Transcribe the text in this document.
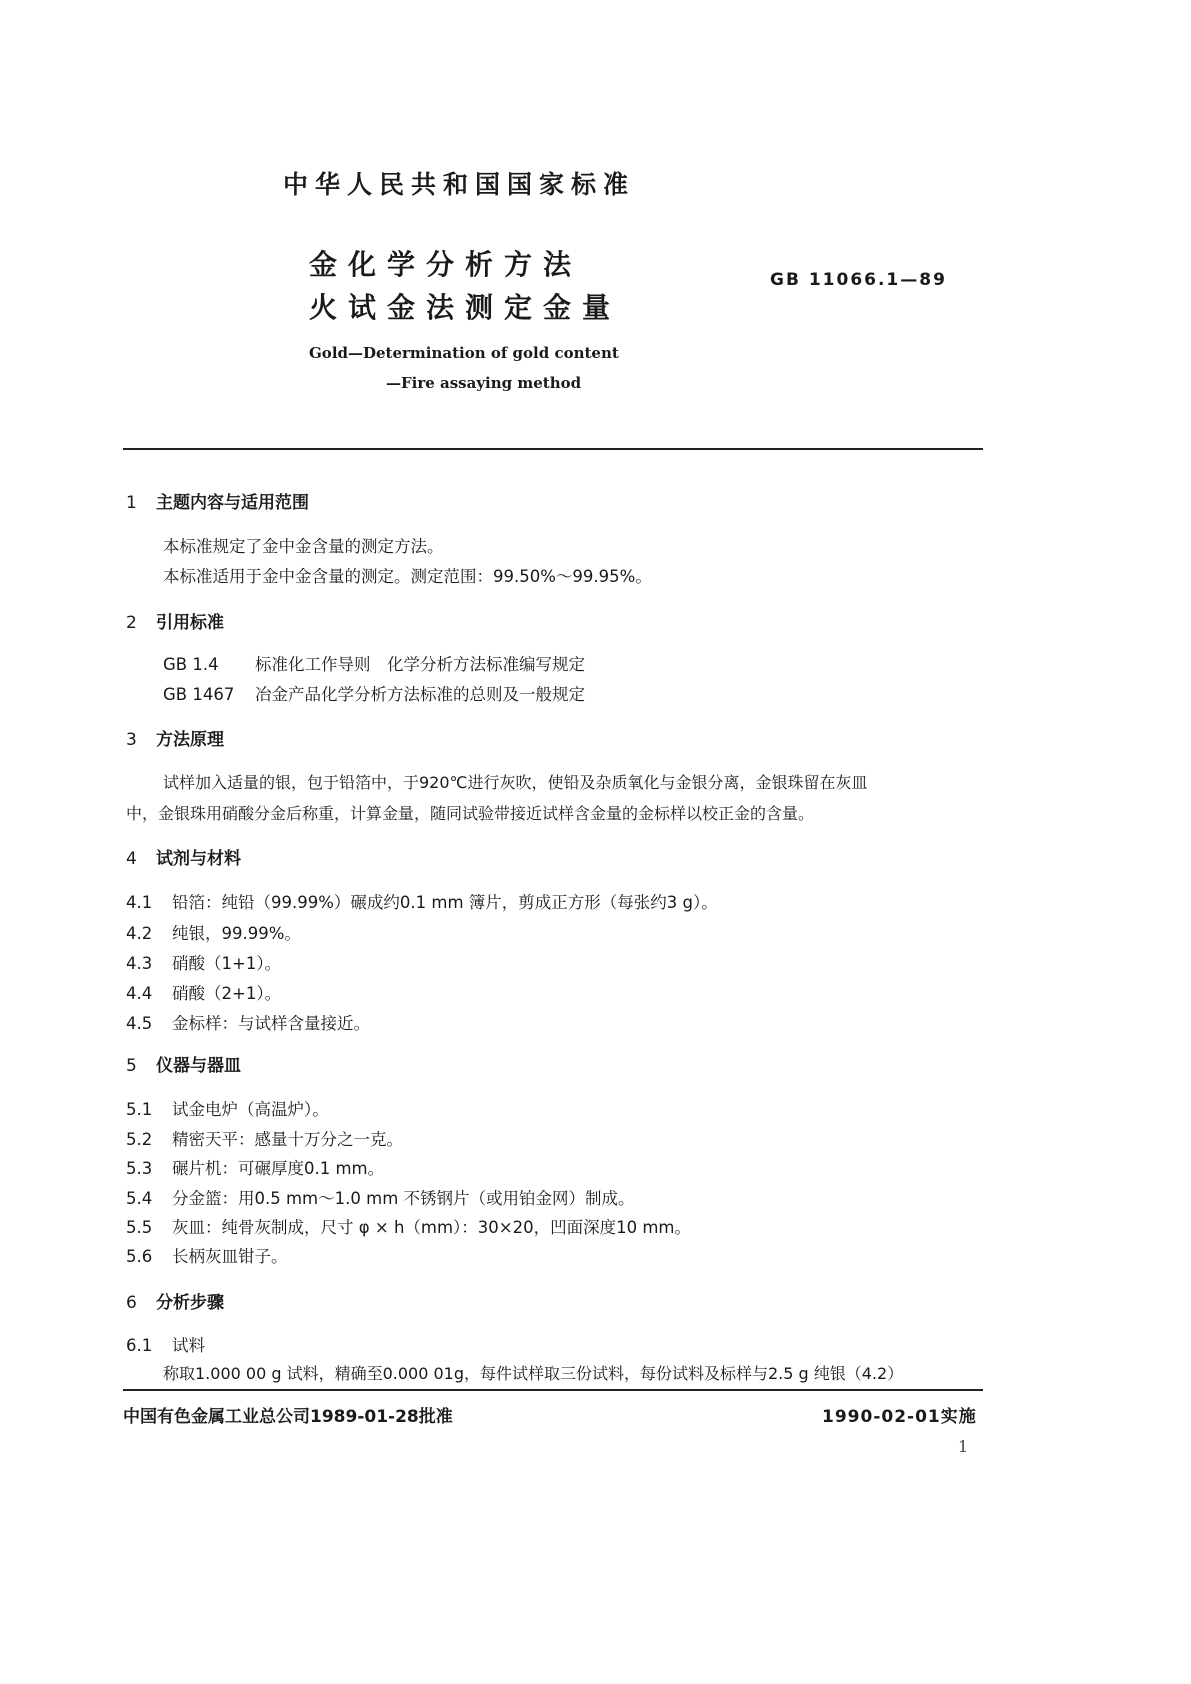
中华人民共和国国家标准
金化学分析方法
火试金法测定金量
GB 11066.1—89
Gold—Determination of gold content
—Fire assaying method
1 主题内容与适用范围
本标准规定了金中金含量的测定方法。
本标准适用于金中金含量的测定。测定范围：99.50%～99.95%。
2 引用标准
GB 1.4 标准化工作导则　化学分析方法标准编写规定
GB 1467 冶金产品化学分析方法标准的总则及一般规定
3 方法原理
试样加入适量的银，包于铅箔中，于920℃进行灰吹，使铅及杂质氧化与金银分离，金银珠留在灰皿
中，金银珠用硝酸分金后称重，计算金量，随同试验带接近试样含金量的金标样以校正金的含量。
4 试剂与材料
4.1 铅箔：纯铅（99.99%）碾成约0.1 mm 簿片，剪成正方形（每张约3 g）。
4.2 纯银，99.99%。
4.3 硝酸（1+1）。
4.4 硝酸（2+1）。
4.5 金标样：与试样含量接近。
5 仪器与器皿
5.1 试金电炉（高温炉）。
5.2 精密天平：感量十万分之一克。
5.3 碾片机：可碾厚度0.1 mm。
5.4 分金篮：用0.5 mm～1.0 mm 不锈钢片（或用铂金网）制成。
5.5 灰皿：纯骨灰制成，尺寸 φ × h（mm）：30×20，凹面深度10 mm。
5.6 长柄灰皿钳子。
6 分析步骤
6.1 试料
称取1.000 00 g 试料，精确至0.000 01g，每件试样取三份试料，每份试料及标样与2.5 g 纯银（4.2）
中国有色金属工业总公司1989-01-28批准	1990-02-01实施
1
